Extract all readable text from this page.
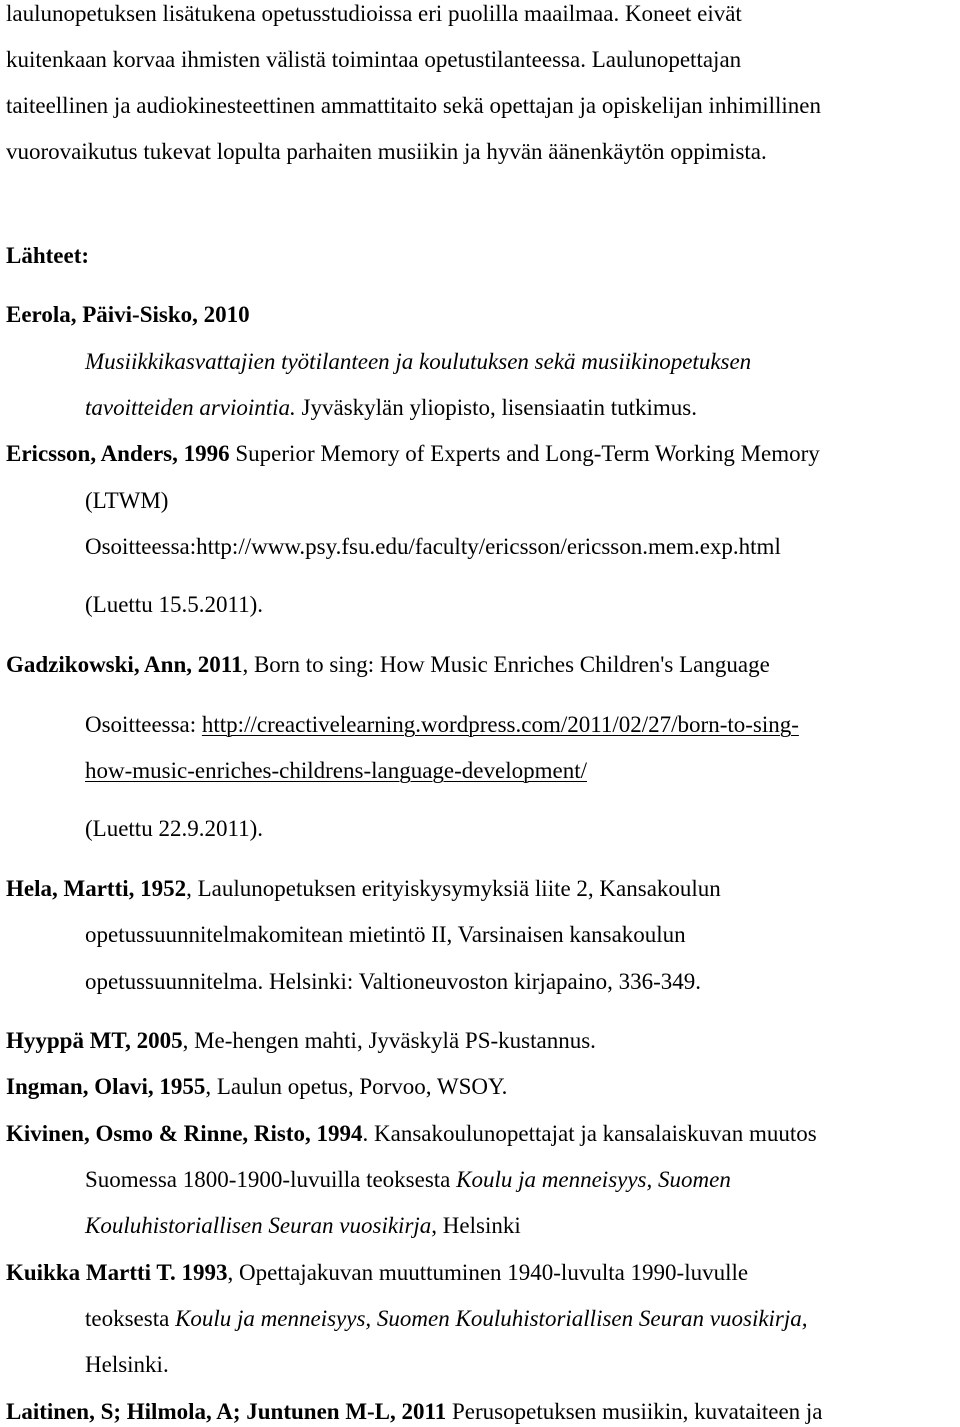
laulunopetuksen lisätukena opetusstudioissa eri puolilla maailmaa. Koneet eivät
kuitenkaan korvaa ihmisten välistä toimintaa opetustilanteessa. Laulunopettajan
taiteellinen ja audiokinesteettinen ammattitaito sekä opettajan ja opiskelijan inhimillinen
vuorovaikutus tukevat lopulta parhaiten musiikin ja hyvän äänenkäytön oppimista.
Lähteet:
Eerola, Päivi-Sisko, 2010
Musiikkikasvattajien työtilanteen ja koulutuksen sekä musiikinopetuksen
tavoitteiden arviointia. Jyväskylän yliopisto, lisensiaatin tutkimus.
Ericsson, Anders, 1996 Superior Memory of Experts and Long-Term Working Memory
(LTWM)
Osoitteessa:http://www.psy.fsu.edu/faculty/ericsson/ericsson.mem.exp.html
(Luettu 15.5.2011).
Gadzikowski, Ann, 2011, Born to sing: How Music Enriches Children's Language
Osoitteessa: http://creactivelearning.wordpress.com/2011/02/27/born-to-sing-
how-music-enriches-childrens-language-development/
(Luettu 22.9.2011).
Hela, Martti, 1952, Laulunopetuksen erityiskysymyksiä liite 2, Kansakoulun
opetussuunnitelmakomitean mietintö II, Varsinaisen kansakoulun
opetussuunnitelma. Helsinki: Valtioneuvoston kirjapaino, 336-349.
Hyyppä MT, 2005, Me-hengen mahti, Jyväskylä PS-kustannus.
Ingman, Olavi, 1955, Laulun opetus, Porvoo, WSOY.
Kivinen, Osmo & Rinne, Risto, 1994. Kansakoulunopettajat ja kansalaiskuvan muutos
Suomessa 1800-1900-luvuilla teoksesta Koulu ja menneisyys, Suomen
Kouluhistoriallisen Seuran vuosikirja, Helsinki
Kuikka Martti T. 1993, Opettajakuvan muuttuminen 1940-luvulta 1990-luvulle
teoksesta Koulu ja menneisyys, Suomen Kouluhistoriallisen Seuran vuosikirja,
Helsinki.
Laitinen, S; Hilmola, A; Juntunen M-L, 2011 Perusopetuksen musiikin, kuvataiteen ja
